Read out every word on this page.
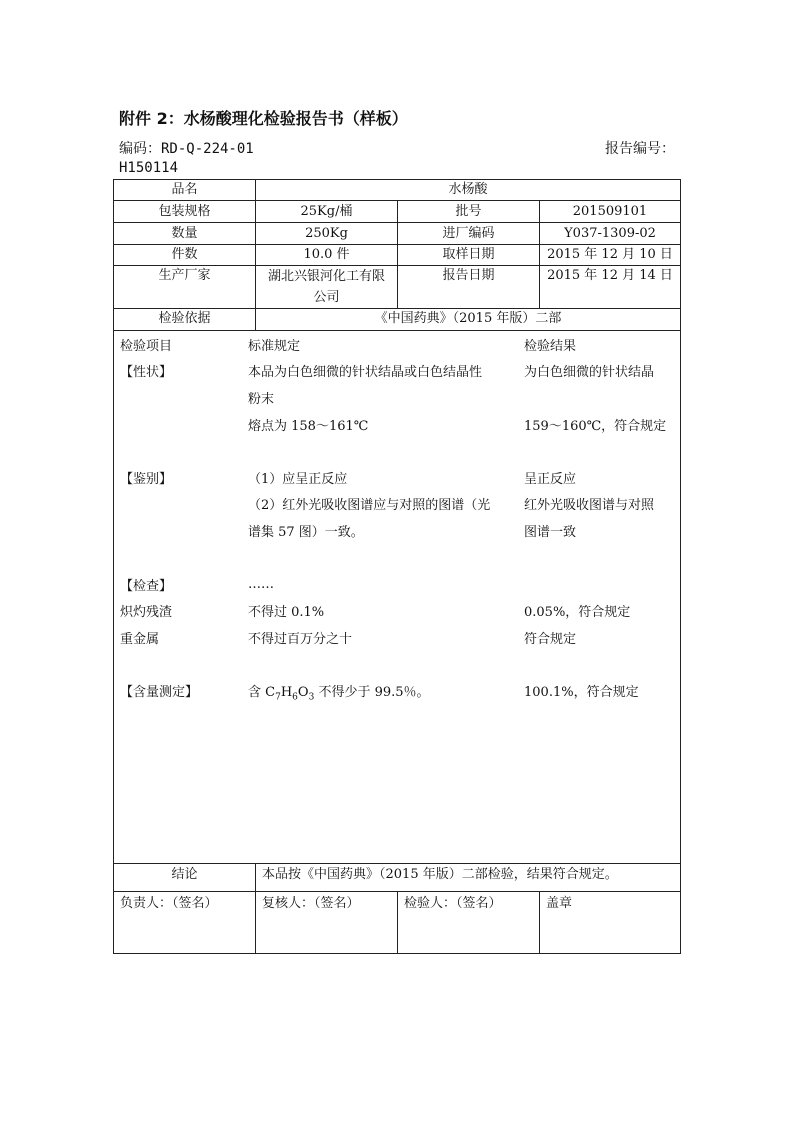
附件 2：水杨酸理化检验报告书（样板）
编码：RD-Q-224-01	报告编号：
H150114
品名	水杨酸
包装规格	25Kg/桶	批号	201509101
数量	250Kg	进厂编码	Y037-1309-02
件数	10.0 件	取样日期	2015 年 12 月 10 日
生产厂家	湖北兴银河化工有限
公司
报告日期	2015 年 12 月 14 日
检验依据	《中国药典》（2015 年版）二部
检验项目	标准规定	检验结果
【性状】	本品为白色细微的针状结晶或白色结晶性	为白色细微的针状结晶
粉末
熔点为 158～161℃	159～160℃，符合规定
【鉴别】	（1）应呈正反应	呈正反应
（2）红外光吸收图谱应与对照的图谱（光	红外光吸收图谱与对照
谱集 57 图）一致。	图谱一致
【检查】	……
炽灼残渣	不得过 0.1%	0.05%，符合规定
重金属	不得过百万分之十	符合规定
【含量测定】	含 $C_7H_6O_3$ 不得少于 99.5％。	100.1%，符合规定
结论	本品按《中国药典》（2015 年版）二部检验，结果符合规定。
负责人：（签名）	复核人：（签名）	检验人：（签名）	盖章
